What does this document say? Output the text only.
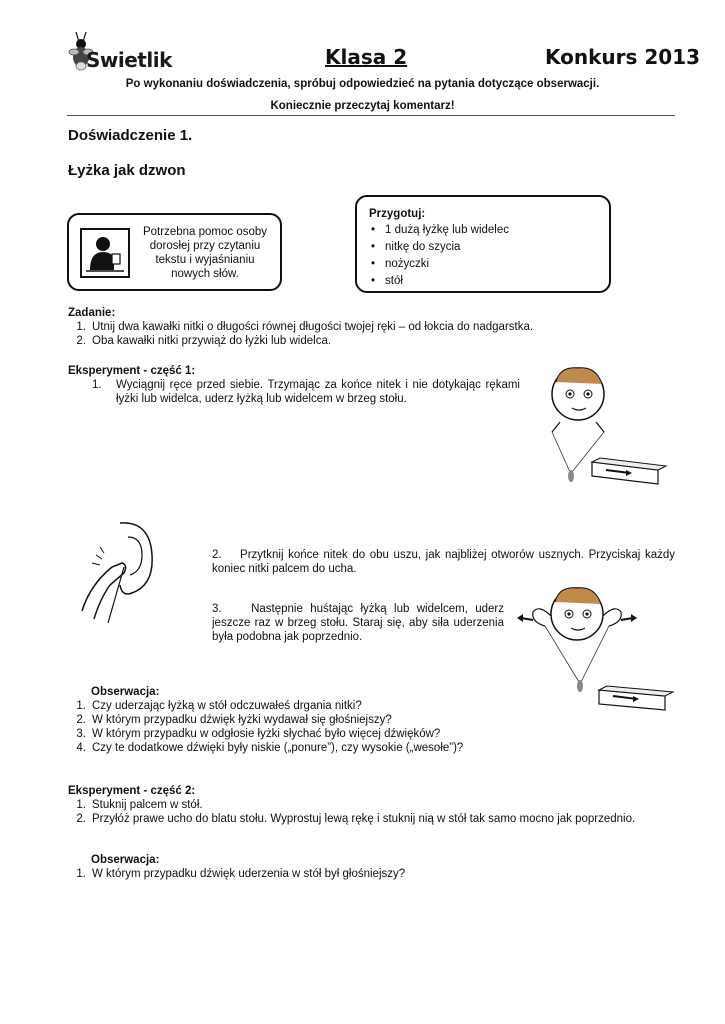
Swietlik	Klasa 2	Konkurs 2013
Po wykonaniu doświadczenia, spróbuj odpowiedzieć na pytania dotyczące obserwacji.
Koniecznie przeczytaj komentarz!
Doświadczenie 1.
Łyżka jak dzwon
Potrzebna pomoc osoby
dorosłej przy czytaniu
tekstu i wyjaśnianiu
nowych słów.
Przygotuj:
• 1 dużą łyżkę lub widelec
• nitkę do szycia
• nożyczki
• stół
Zadanie:
1. Utnij dwa kawałki nitki o długości równej długości twojej ręki – od łokcia do nadgarstka.
2. Oba kawałki nitki przywiąż do łyżki lub widelca.
Eksperyment - część 1:
1. Wyciągnij ręce przed siebie. Trzymając za końce nitek i nie dotykając rękami łyżki lub widelca, uderz łyżką lub widelcem w brzeg stołu.
2.    Przytknij końce nitek do obu uszu, jak najbliżej otworów usznych. Przyciskaj każdy koniec nitki palcem do ucha.
3.    Następnie huśtając łyżką lub widelcem, uderz jeszcze raz w brzeg stołu. Staraj się, aby siła uderzenia była podobna jak poprzednio.
Obserwacja:
1. Czy uderzając łyżką w stół odczuwałeś drgania nitki?
2. W którym przypadku dźwięk łyżki wydawał się głośniejszy?
3. W którym przypadku w odgłosie łyżki słychać było więcej dźwięków?
4. Czy te dodatkowe dźwięki były niskie („ponure”), czy wysokie („wesołe”)?
Eksperyment - część 2:
1. Stuknij palcem w stół.
2. Przyłóż prawe ucho do blatu stołu. Wyprostuj lewą rękę i stuknij nią w stół tak samo mocno jak poprzednio.
Obserwacja:
1. W którym przypadku dźwięk uderzenia w stół był głośniejszy?
